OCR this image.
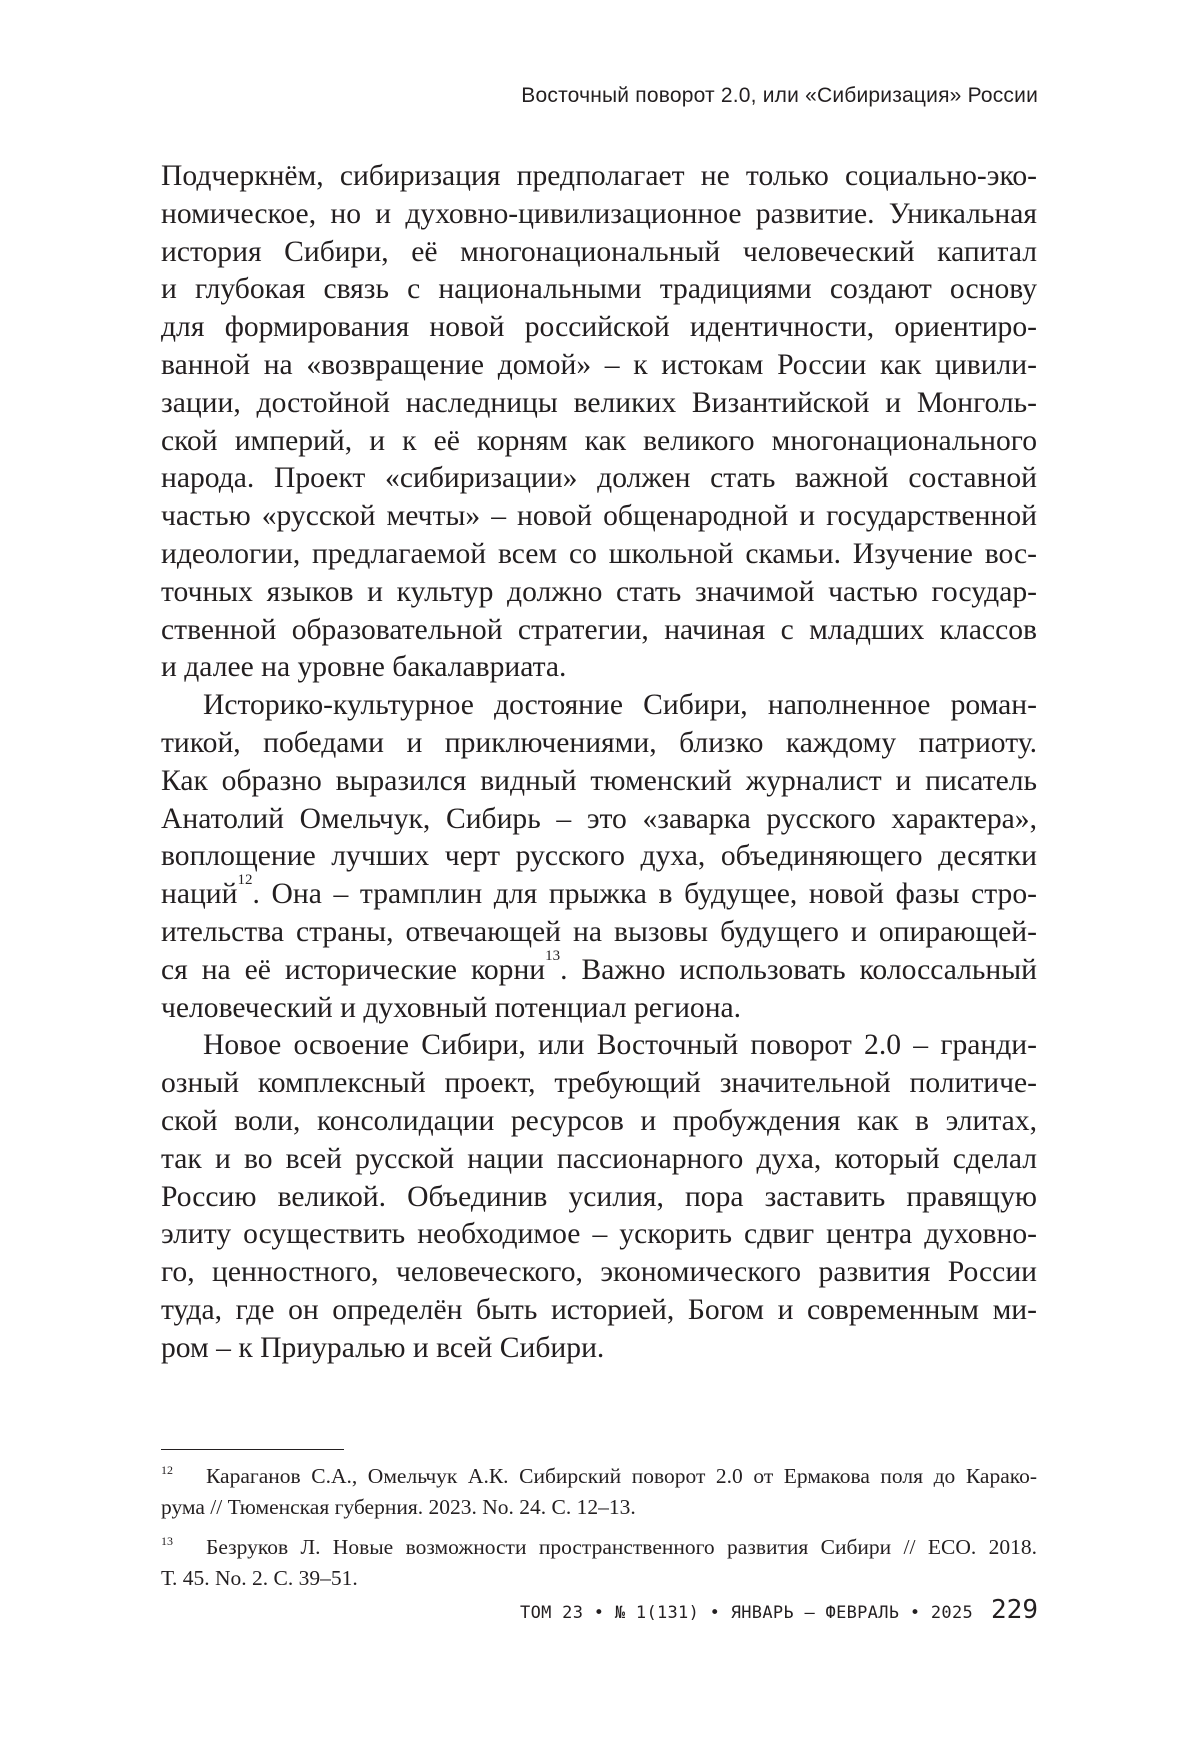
Восточный поворот 2.0, или «Сибиризация» России
Подчеркнём, сибиризация предполагает не только социально-эко-
номическое, но и духовно-цивилизационное развитие. Уникальная
история Сибири, её многонациональный человеческий капитал
и глубокая связь с национальными традициями создают основу
для формирования новой российской идентичности, ориентиро-
ванной на «возвращение домой» – к истокам России как цивили-
зации, достойной наследницы великих Византийской и Монголь-
ской империй, и к её корням как великого многонационального
народа. Проект «сибиризации» должен стать важной составной
частью «русской мечты» – новой общенародной и государственной
идеологии, предлагаемой всем со школьной скамьи. Изучение вос-
точных языков и культур должно стать значимой частью государ-
ственной образовательной стратегии, начиная с младших классов
и далее на уровне бакалавриата.
Историко-культурное достояние Сибири, наполненное роман-
тикой, победами и приключениями, близко каждому патриоту.
Как образно выразился видный тюменский журналист и писатель
Анатолий Омельчук, Сибирь – это «заварка русского характера»,
воплощение лучших черт русского духа, объединяющего десятки
наций12. Она – трамплин для прыжка в будущее, новой фазы стро-
ительства страны, отвечающей на вызовы будущего и опирающей-
ся на её исторические корни13. Важно использовать колоссальный
человеческий и духовный потенциал региона.
Новое освоение Сибири, или Восточный поворот 2.0 – гранди-
озный комплексный проект, требующий значительной политиче-
ской воли, консолидации ресурсов и пробуждения как в элитах,
так и во всей русской нации пассионарного духа, который сделал
Россию великой. Объединив усилия, пора заставить правящую
элиту осуществить необходимое – ускорить сдвиг центра духовно-
го, ценностного, человеческого, экономического развития России
туда, где он определён быть историей, Богом и современным ми-
ром – к Приуралью и всей Сибири.
12	Караганов С.А., Омельчук А.К. Сибирский поворот 2.0 от Ермакова поля до Карако-
рума // Тюменская губерния. 2023. No. 24. С. 12–13.
13	Безруков Л. Новые возможности пространственного развития Сибири // ЕСО. 2018.
Т. 45. No. 2. С. 39–51.
ТОМ 23 • № 1(131) • ЯНВАРЬ – ФЕВРАЛЬ • 2025 229
